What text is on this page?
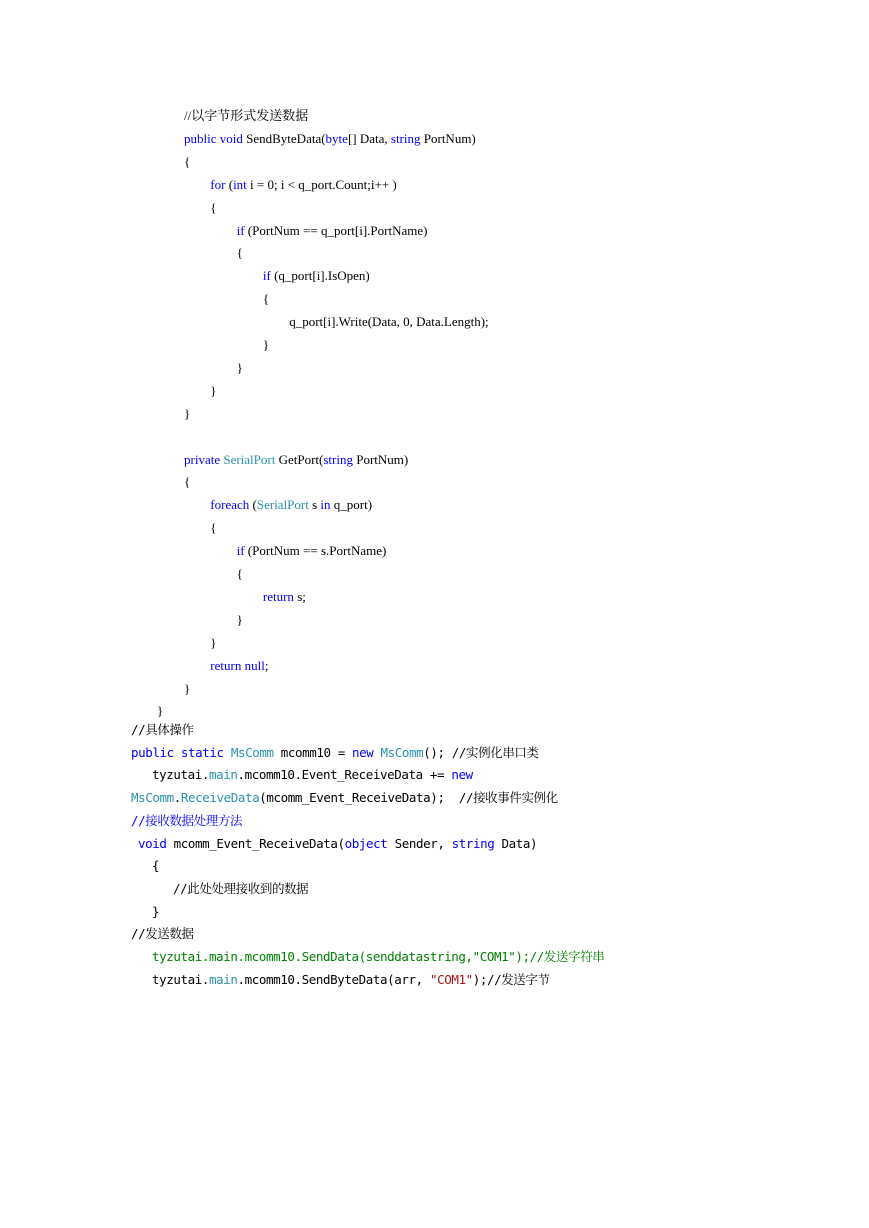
//以字节形式发送数据
public void SendByteData(byte[] Data, string PortNum)
{
for (int i = 0; i < q_port.Count;i++ )
{
if (PortNum == q_port[i].PortName)
{
if (q_port[i].IsOpen)
{
q_port[i].Write(Data, 0, Data.Length);
}
}
}
}
private SerialPort GetPort(string PortNum)
{
foreach (SerialPort s in q_port)
{
if (PortNum == s.PortName)
{
return s;
}
}
return null;
}
}
//具体操作
public static MsComm mcomm10 = new MsComm(); //实例化串口类
tyzutai.main.mcomm10.Event_ReceiveData += new
MsComm.ReceiveData(mcomm_Event_ReceiveData);  //接收事件实例化
//接收数据处理方法
void mcomm_Event_ReceiveData(object Sender, string Data)
{
//此处处理接收到的数据
}
//发送数据
tyzutai.main.mcomm10.SendData(senddatastring,"COM1");//发送字符串
tyzutai.main.mcomm10.SendByteData(arr, "COM1");//发送字节
